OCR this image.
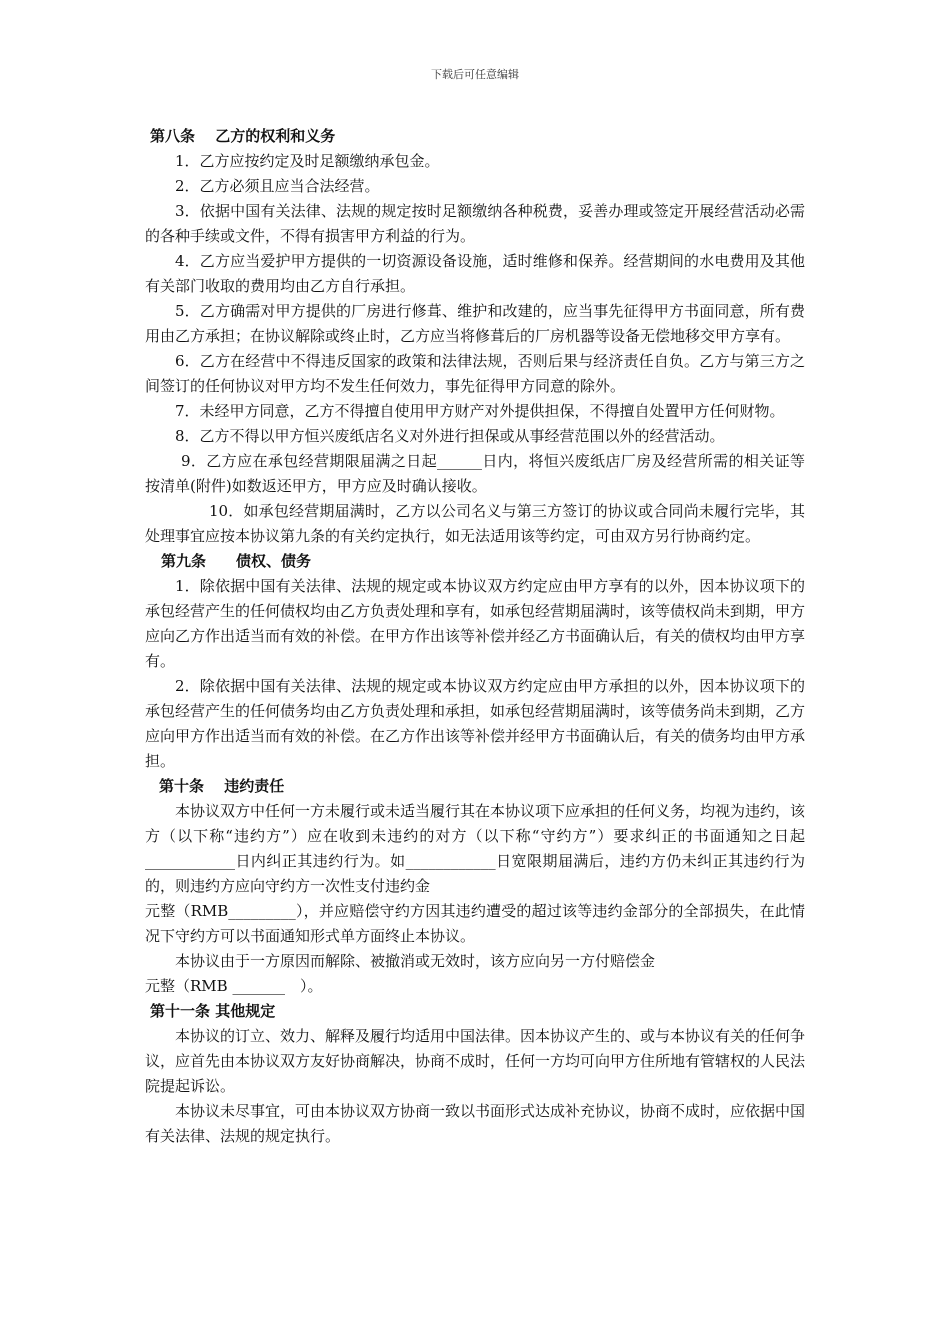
下载后可任意编辑

第八条　 乙方的权利和义务

1．乙方应按约定及时足额缴纳承包金。

2．乙方必须且应当合法经营。

3．依据中国有关法律、法规的规定按时足额缴纳各种税费，妥善办理或签定开展经营活动必需的各种手续或文件，不得有损害甲方利益的行为。

4．乙方应当爱护甲方提供的一切资源设备设施，适时维修和保养。经营期间的水电费用及其他有关部门收取的费用均由乙方自行承担。

5．乙方确需对甲方提供的厂房进行修葺、维护和改建的，应当事先征得甲方书面同意，所有费用由乙方承担；在协议解除或终止时，乙方应当将修葺后的厂房机器等设备无偿地移交甲方享有。

6．乙方在经营中不得违反国家的政策和法律法规，否则后果与经济责任自负。乙方与第三方之间签订的任何协议对甲方均不发生任何效力，事先征得甲方同意的除外。

7．未经甲方同意，乙方不得擅自使用甲方财产对外提供担保，不得擅自处置甲方任何财物。

8．乙方不得以甲方恒兴废纸店名义对外进行担保或从事经营范围以外的经营活动。

9．乙方应在承包经营期限届满之日起______日内，将恒兴废纸店厂房及经营所需的相关证等按清单(附件)如数返还甲方，甲方应及时确认接收。

10．如承包经营期届满时，乙方以公司名义与第三方签订的协议或合同尚未履行完毕，其处理事宜应按本协议第九条的有关约定执行，如无法适用该等约定，可由双方另行协商约定。

第九条　　债权、债务

1．除依据中国有关法律、法规的规定或本协议双方约定应由甲方享有的以外，因本协议项下的承包经营产生的任何债权均由乙方负责处理和享有，如承包经营期届满时，该等债权尚未到期，甲方应向乙方作出适当而有效的补偿。在甲方作出该等补偿并经乙方书面确认后，有关的债权均由甲方享有。

2．除依据中国有关法律、法规的规定或本协议双方约定应由甲方承担的以外，因本协议项下的承包经营产生的任何债务均由乙方负责处理和承担，如承包经营期届满时，该等债务尚未到期，乙方应向甲方作出适当而有效的补偿。在乙方作出该等补偿并经甲方书面确认后，有关的债务均由甲方承担。

第十条　 违约责任

本协议双方中任何一方未履行或未适当履行其在本协议项下应承担的任何义务，均视为违约，该方（以下称“违约方”）应在收到未违约的对方（以下称“守约方”）要求纠正的书面通知之日起____________日内纠正其违约行为。如____________日宽限期届满后，违约方仍未纠正其违约行为的，则违约方应向守约方一次性支付违约金

元整（RMB_________），并应赔偿守约方因其违约遭受的超过该等违约金部分的全部损失，在此情况下守约方可以书面通知形式单方面终止本协议。

本协议由于一方原因而解除、被撤消或无效时，该方应向另一方付赔偿金

元整（RMB _______　）。

第十一条 其他规定

本协议的订立、效力、解释及履行均适用中国法律。因本协议产生的、或与本协议有关的任何争议，应首先由本协议双方友好协商解决，协商不成时，任何一方均可向甲方住所地有管辖权的人民法院提起诉讼。

本协议未尽事宜，可由本协议双方协商一致以书面形式达成补充协议，协商不成时，应依据中国有关法律、法规的规定执行。
